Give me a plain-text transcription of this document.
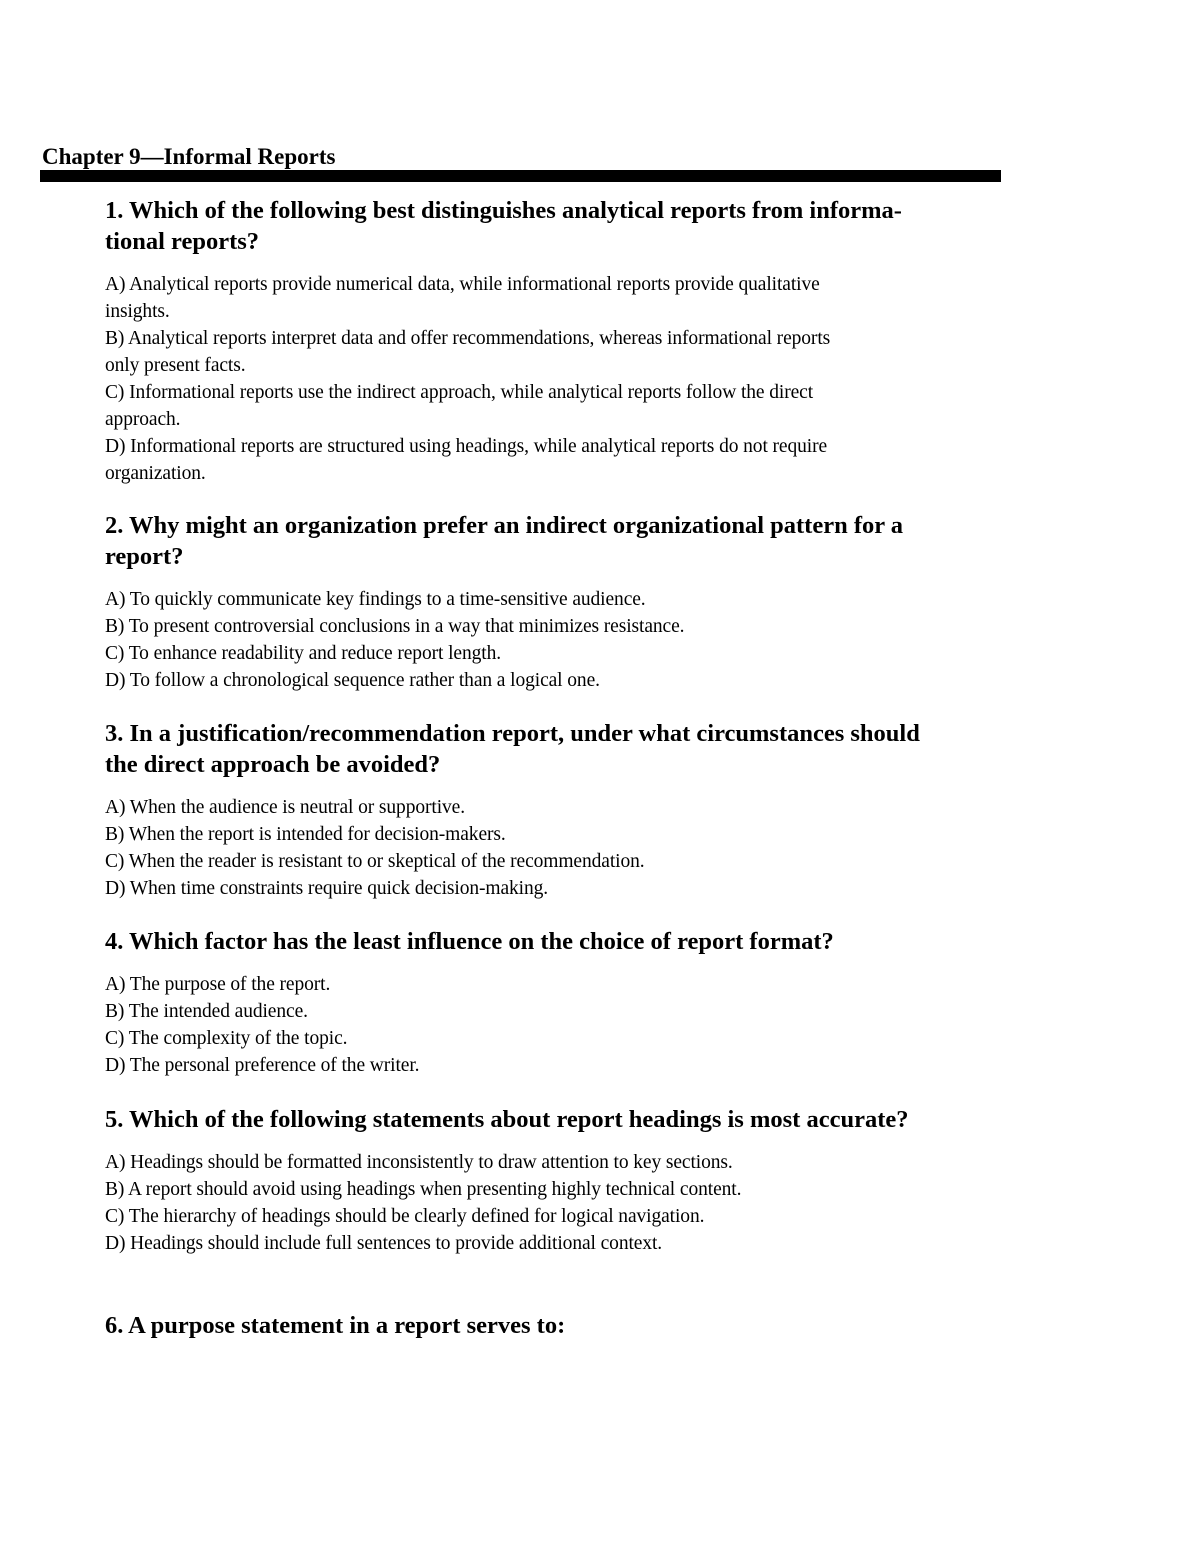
Chapter 9—Informal Reports

1. Which of the following best distinguishes analytical reports from informa-
tional reports?

A) Analytical reports provide numerical data, while informational reports provide qualitative
insights.
B) Analytical reports interpret data and offer recommendations, whereas informational reports
only present facts.
C) Informational reports use the indirect approach, while analytical reports follow the direct
approach.
D) Informational reports are structured using headings, while analytical reports do not require
organization.

2. Why might an organization prefer an indirect organizational pattern for a
report?

A) To quickly communicate key findings to a time-sensitive audience.
B) To present controversial conclusions in a way that minimizes resistance.
C) To enhance readability and reduce report length.
D) To follow a chronological sequence rather than a logical one.

3. In a justification/recommendation report, under what circumstances should
the direct approach be avoided?

A) When the audience is neutral or supportive.
B) When the report is intended for decision-makers.
C) When the reader is resistant to or skeptical of the recommendation.
D) When time constraints require quick decision-making.

4. Which factor has the least influence on the choice of report format?

A) The purpose of the report.
B) The intended audience.
C) The complexity of the topic.
D) The personal preference of the writer.

5. Which of the following statements about report headings is most accurate?

A) Headings should be formatted inconsistently to draw attention to key sections.
B) A report should avoid using headings when presenting highly technical content.
C) The hierarchy of headings should be clearly defined for logical navigation.
D) Headings should include full sentences to provide additional context.

6. A purpose statement in a report serves to:
